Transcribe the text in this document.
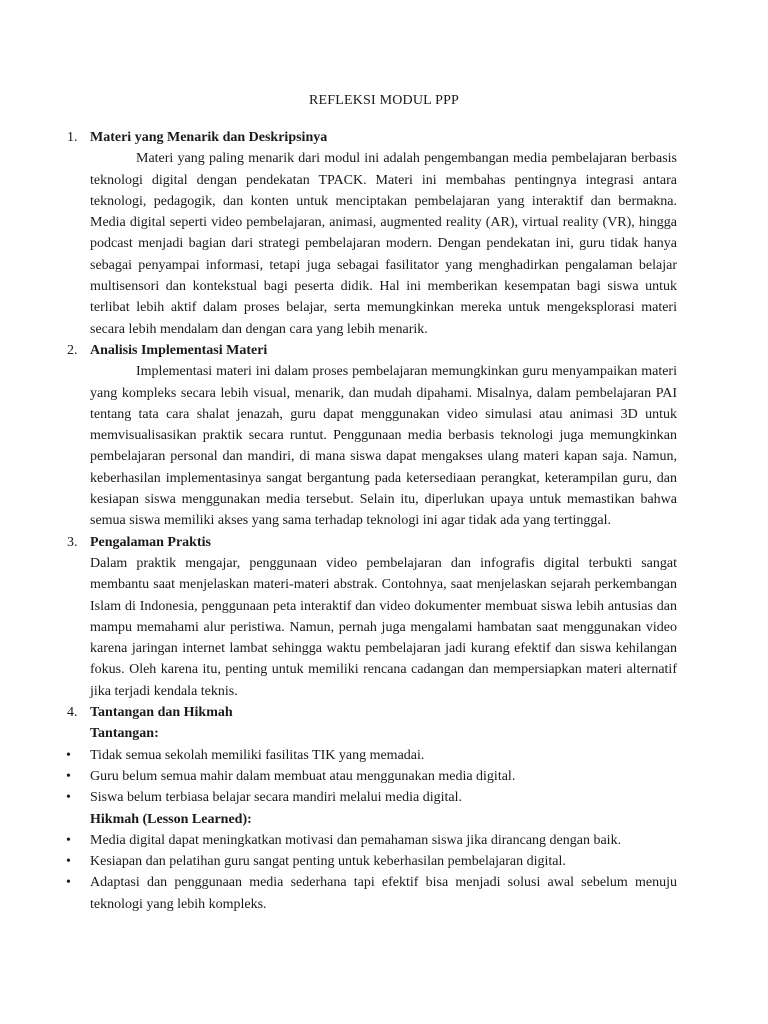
REFLEKSI MODUL PPP
1. Materi yang Menarik dan Deskripsinya

Materi yang paling menarik dari modul ini adalah pengembangan media pembelajaran berbasis teknologi digital dengan pendekatan TPACK. Materi ini membahas pentingnya integrasi antara teknologi, pedagogik, dan konten untuk menciptakan pembelajaran yang interaktif dan bermakna. Media digital seperti video pembelajaran, animasi, augmented reality (AR), virtual reality (VR), hingga podcast menjadi bagian dari strategi pembelajaran modern. Dengan pendekatan ini, guru tidak hanya sebagai penyampai informasi, tetapi juga sebagai fasilitator yang menghadirkan pengalaman belajar multisensori dan kontekstual bagi peserta didik. Hal ini memberikan kesempatan bagi siswa untuk terlibat lebih aktif dalam proses belajar, serta memungkinkan mereka untuk mengeksplorasi materi secara lebih mendalam dan dengan cara yang lebih menarik.

2. Analisis Implementasi Materi

Implementasi materi ini dalam proses pembelajaran memungkinkan guru menyampaikan materi yang kompleks secara lebih visual, menarik, dan mudah dipahami. Misalnya, dalam pembelajaran PAI tentang tata cara shalat jenazah, guru dapat menggunakan video simulasi atau animasi 3D untuk memvisualisasikan praktik secara runtut. Penggunaan media berbasis teknologi juga memungkinkan pembelajaran personal dan mandiri, di mana siswa dapat mengakses ulang materi kapan saja. Namun, keberhasilan implementasinya sangat bergantung pada ketersediaan perangkat, keterampilan guru, dan kesiapan siswa menggunakan media tersebut. Selain itu, diperlukan upaya untuk memastikan bahwa semua siswa memiliki akses yang sama terhadap teknologi ini agar tidak ada yang tertinggal.

3. Pengalaman Praktis

Dalam praktik mengajar, penggunaan video pembelajaran dan infografis digital terbukti sangat membantu saat menjelaskan materi-materi abstrak. Contohnya, saat menjelaskan sejarah perkembangan Islam di Indonesia, penggunaan peta interaktif dan video dokumenter membuat siswa lebih antusias dan mampu memahami alur peristiwa. Namun, pernah juga mengalami hambatan saat menggunakan video karena jaringan internet lambat sehingga waktu pembelajaran jadi kurang efektif dan siswa kehilangan fokus. Oleh karena itu, penting untuk memiliki rencana cadangan dan mempersiapkan materi alternatif jika terjadi kendala teknis.

4. Tantangan dan Hikmah

Tantangan:

• Tidak semua sekolah memiliki fasilitas TIK yang memadai.
• Guru belum semua mahir dalam membuat atau menggunakan media digital.
• Siswa belum terbiasa belajar secara mandiri melalui media digital.

Hikmah (Lesson Learned):

• Media digital dapat meningkatkan motivasi dan pemahaman siswa jika dirancang dengan baik.
• Kesiapan dan pelatihan guru sangat penting untuk keberhasilan pembelajaran digital.
• Adaptasi dan penggunaan media sederhana tapi efektif bisa menjadi solusi awal sebelum menuju teknologi yang lebih kompleks.
